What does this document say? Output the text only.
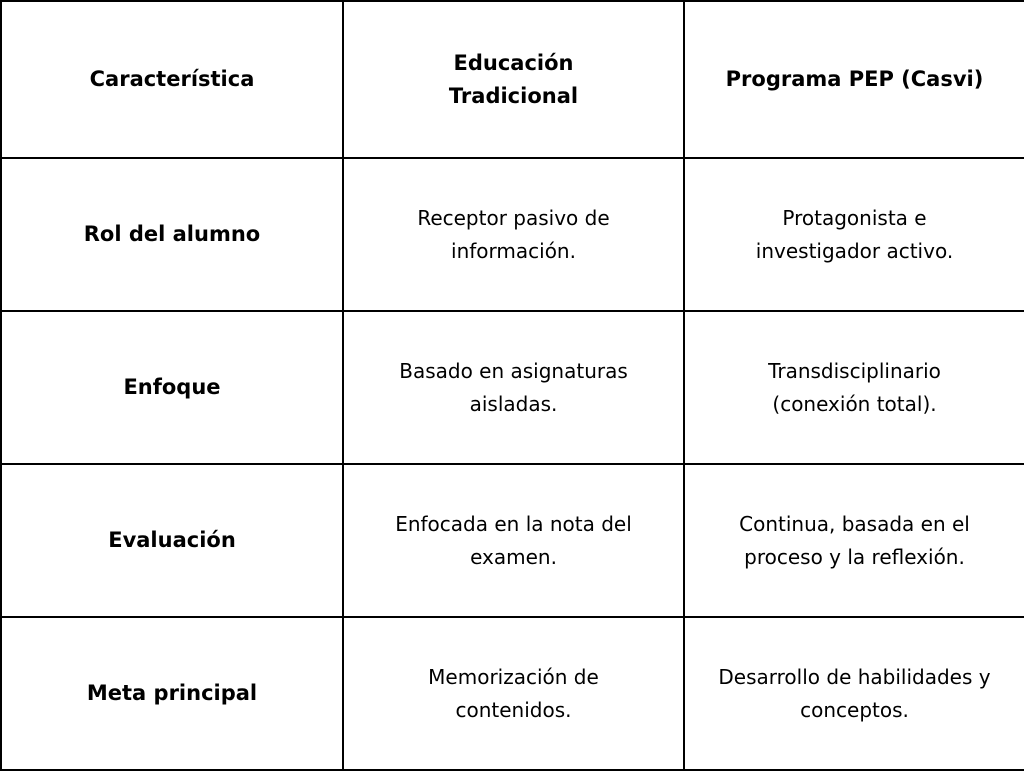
Característica	Educación Tradicional	Programa PEP (Casvi)
Rol del alumno	Receptor pasivo de información.	Protagonista e investigador activo.
Enfoque	Basado en asignaturas aisladas.	Transdisciplinario (conexión total).
Evaluación	Enfocada en la nota del examen.	Continua, basada en el proceso y la reflexión.
Meta principal	Memorización de contenidos.	Desarrollo de habilidades y conceptos.
